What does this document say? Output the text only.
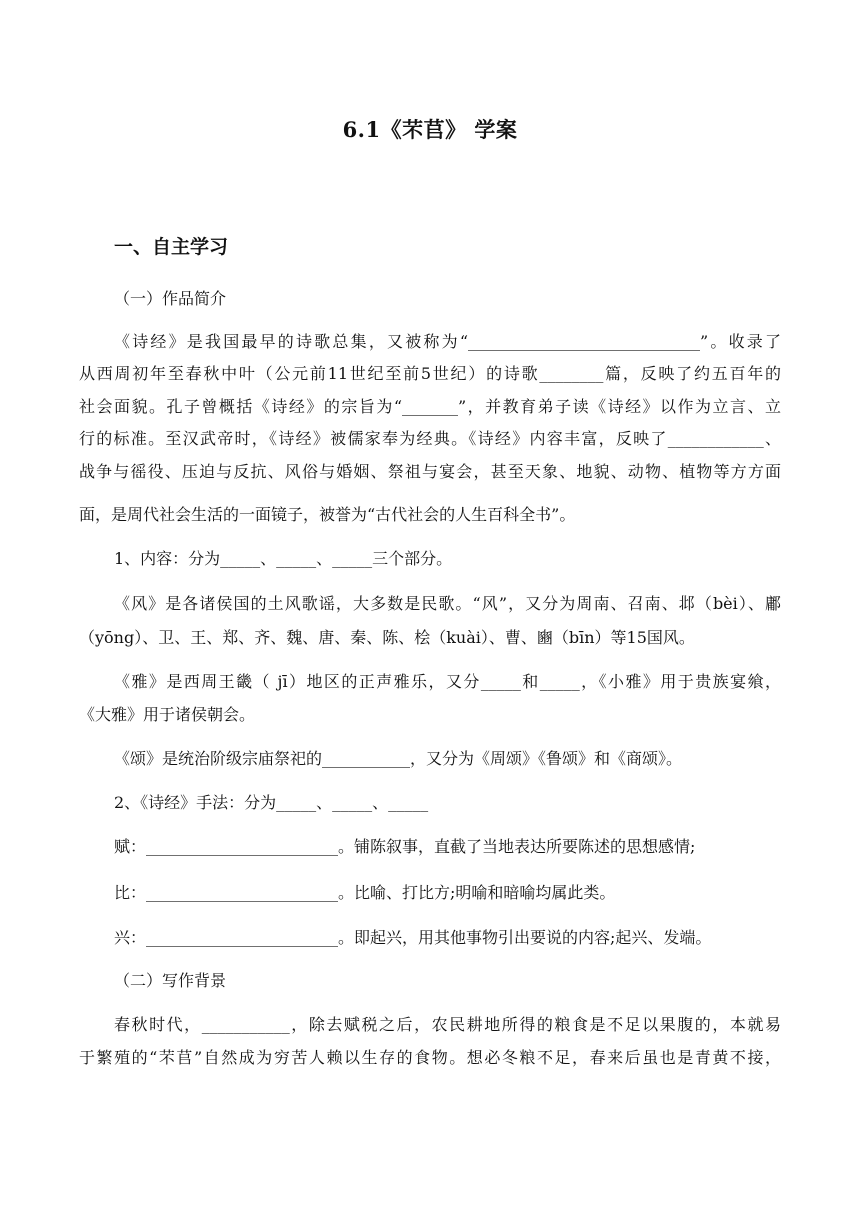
6.1《芣苢》 学案
一、自主学习
（一）作品简介
《诗经》是我国最早的诗歌总集，又被称为“_____________________________”。收录了
从西周初年至春秋中叶（公元前11世纪至前5世纪）的诗歌________篇，反映了约五百年的
社会面貌。孔子曾概括《诗经》的宗旨为“_______”，并教育弟子读《诗经》以作为立言、立
行的标准。至汉武帝时，《诗经》被儒家奉为经典。《诗经》内容丰富，反映了____________、
战争与徭役、压迫与反抗、风俗与婚姻、祭祖与宴会，甚至天象、地貌、动物、植物等方方面
面，是周代社会生活的一面镜子，被誉为“古代社会的人生百科全书”。
1、内容：分为_____、_____、_____三个部分。
《风》是各诸侯国的土风歌谣，大多数是民歌。“风”，又分为周南、召南、邶（bèi）、鄘
（yōng）、卫、王、郑、齐、魏、唐、秦、陈、桧（kuài）、曹、豳（bīn）等15国风。
《雅》是西周王畿（ jī）地区的正声雅乐，又分_____和_____，《小雅》用于贵族宴飨，
《大雅》用于诸侯朝会。
《颂》是统治阶级宗庙祭祀的___________，又分为《周颂》《鲁颂》和《商颂》。
2、《诗经》手法：分为_____、_____、_____
赋：________________________。铺陈叙事，直截了当地表达所要陈述的思想感情;
比：________________________。比喻、打比方;明喻和暗喻均属此类。
兴：________________________。即起兴，用其他事物引出要说的内容;起兴、发端。
（二）写作背景
春秋时代，___________，除去赋税之后，农民耕地所得的粮食是不足以果腹的，本就易
于繁殖的“芣苢”自然成为穷苦人赖以生存的食物。想必冬粮不足，春来后虽也是青黄不接，
